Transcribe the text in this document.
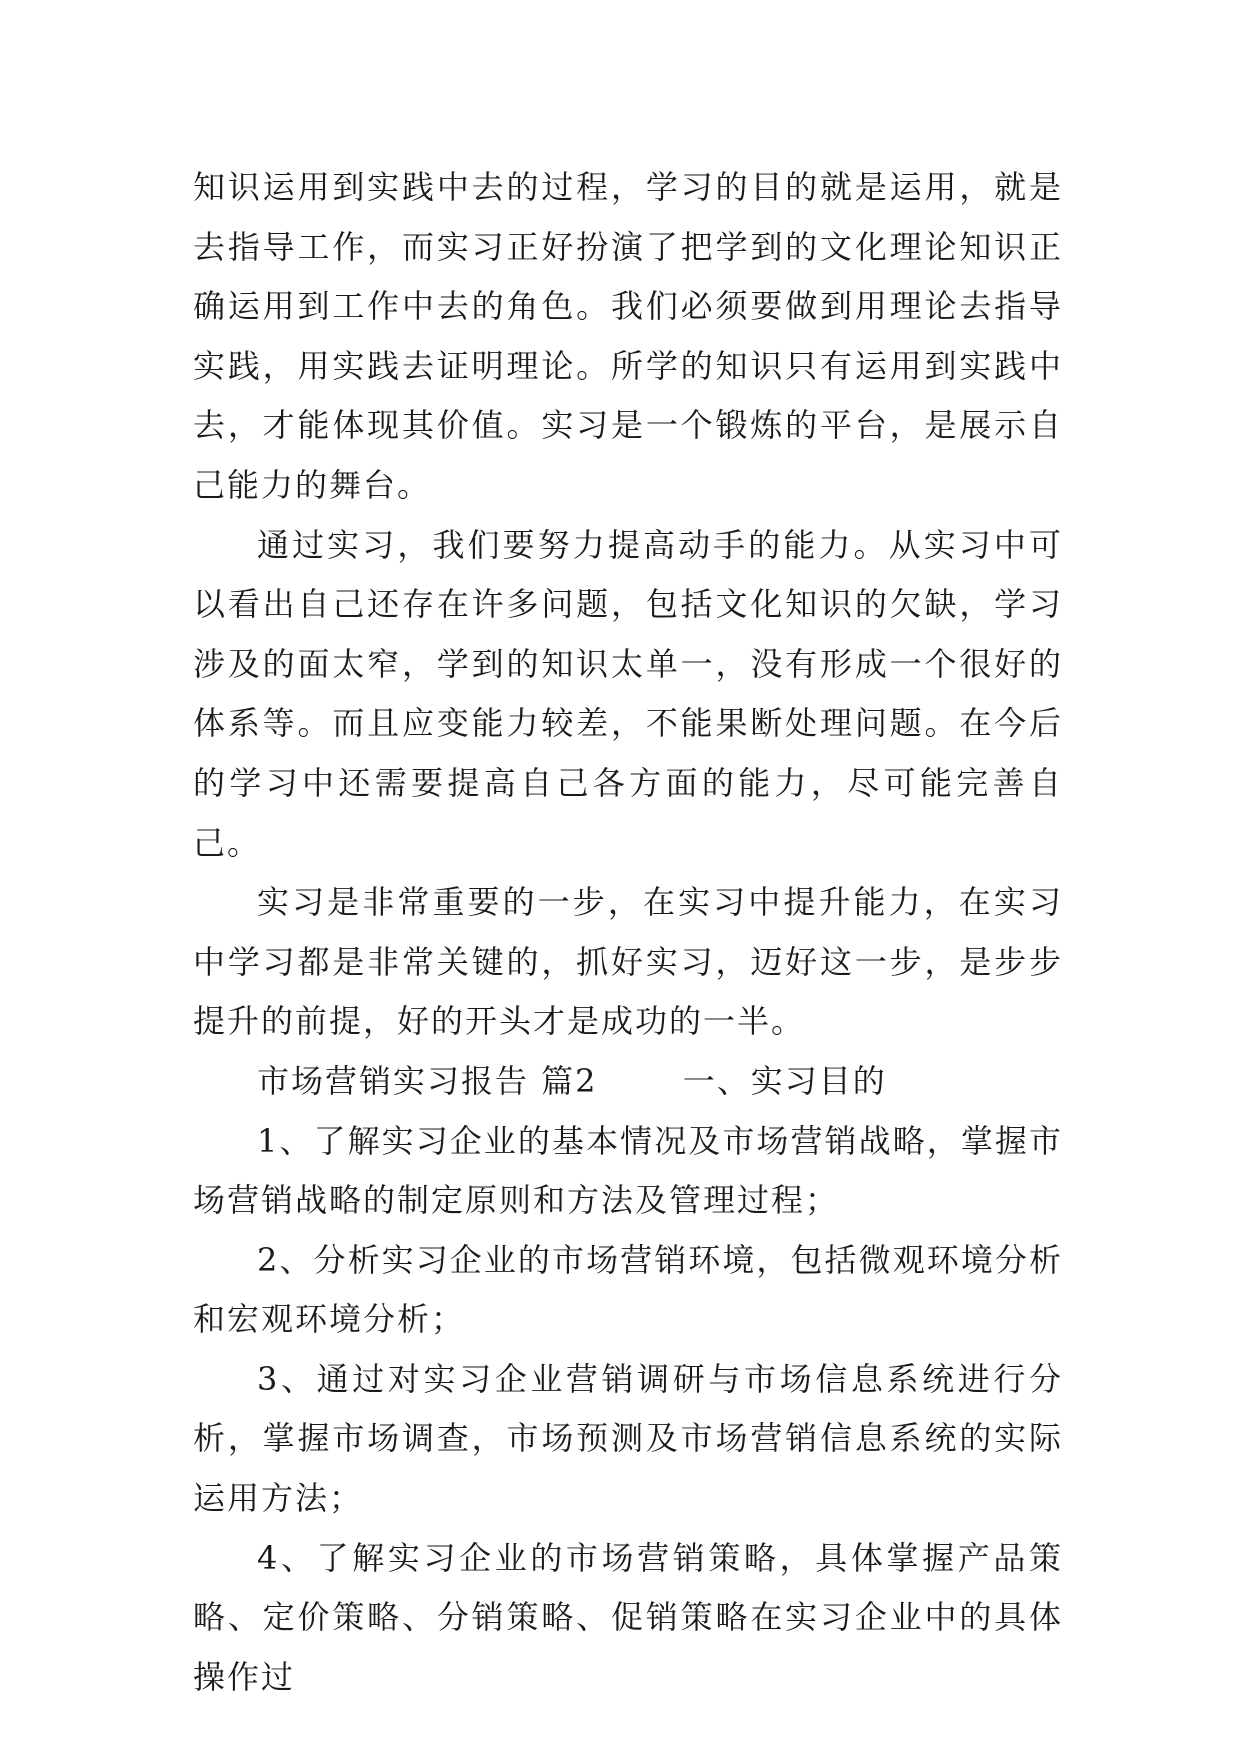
知识运用到实践中去的过程，学习的目的就是运用，就是去指导工作，而实习正好扮演了把学到的文化理论知识正确运用到工作中去的角色。我们必须要做到用理论去指导实践，用实践去证明理论。所学的知识只有运用到实践中去，才能体现其价值。实习是一个锻炼的平台，是展示自己能力的舞台。

通过实习，我们要努力提高动手的能力。从实习中可以看出自己还存在许多问题，包括文化知识的欠缺，学习涉及的面太窄，学到的知识太单一，没有形成一个很好的体系等。而且应变能力较差，不能果断处理问题。在今后的学习中还需要提高自己各方面的能力，尽可能完善自己。

实习是非常重要的一步，在实习中提升能力，在实习中学习都是非常关键的，抓好实习，迈好这一步，是步步提升的前提，好的开头才是成功的一半。

市场营销实习报告 篇2	一、实习目的

1、了解实习企业的基本情况及市场营销战略，掌握市场营销战略的制定原则和方法及管理过程；

2、分析实习企业的市场营销环境，包括微观环境分析和宏观环境分析；

3、通过对实习企业营销调研与市场信息系统进行分析，掌握市场调查，市场预测及市场营销信息系统的实际运用方法；

4、了解实习企业的市场营销策略，具体掌握产品策略、定价策略、分销策略、促销策略在实习企业中的具体操作过
